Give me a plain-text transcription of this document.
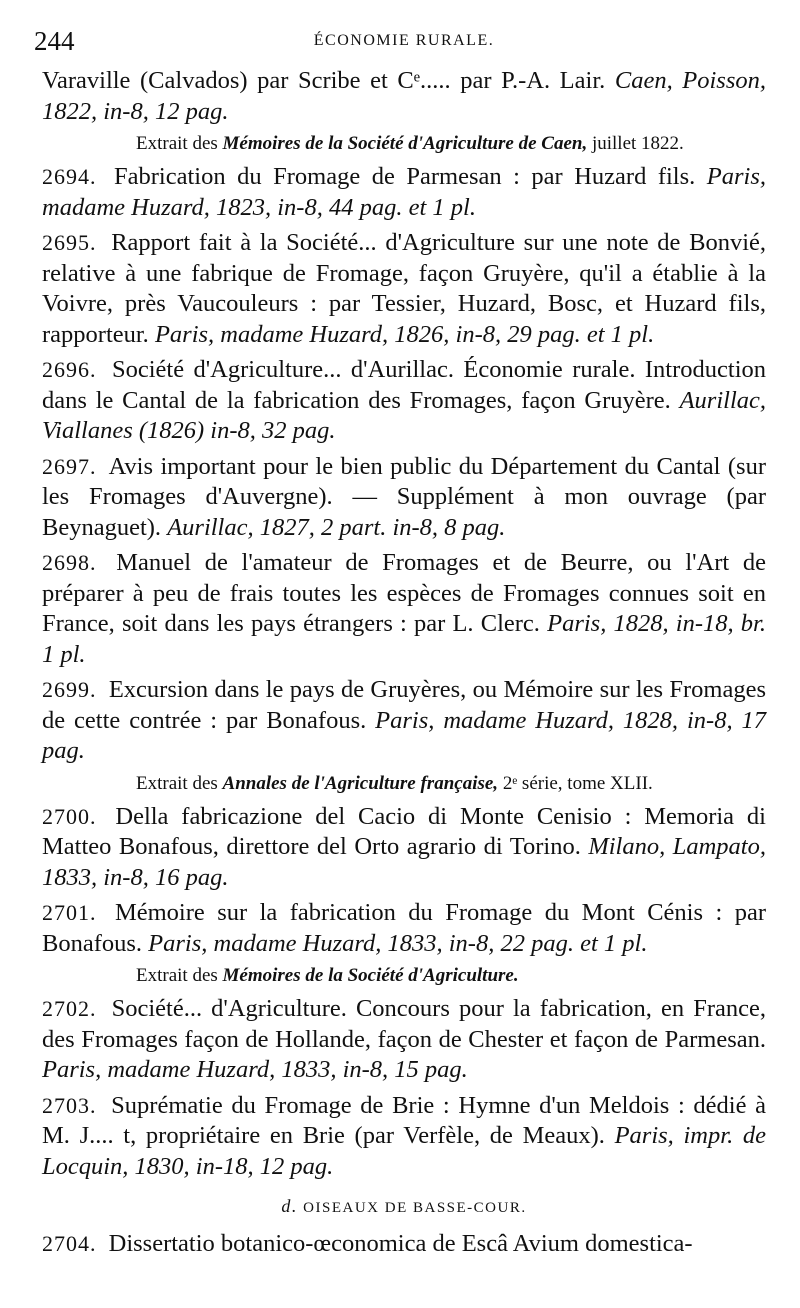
244	ÉCONOMIE RURALE.
Varaville (Calvados) par Scribe et Cᵉ..... par P.-A. Lair. Caen, Poisson, 1822, in-8, 12 pag.
Extrait des Mémoires de la Société d'Agriculture de Caen, juillet 1822.
2694. Fabrication du Fromage de Parmesan : par Huzard fils. Paris, madame Huzard, 1823, in-8, 44 pag. et 1 pl.
2695. Rapport fait à la Société... d'Agriculture sur une note de Bonvié, relative à une fabrique de Fromage, façon Gruyère, qu'il a établie à la Voivre, près Vaucouleurs : par Tessier, Huzard, Bosc, et Huzard fils, rapporteur. Paris, madame Huzard, 1826, in-8, 29 pag. et 1 pl.
2696. Société d'Agriculture... d'Aurillac. Économie rurale. Introduction dans le Cantal de la fabrication des Fromages, façon Gruyère. Aurillac, Viallanes (1826) in-8, 32 pag.
2697. Avis important pour le bien public du Département du Cantal (sur les Fromages d'Auvergne). — Supplément à mon ouvrage (par Beynaguet). Aurillac, 1827, 2 part. in-8, 8 pag.
2698. Manuel de l'amateur de Fromages et de Beurre, ou l'Art de préparer à peu de frais toutes les espèces de Fromages connues soit en France, soit dans les pays étrangers : par L. Clerc. Paris, 1828, in-18, br. 1 pl.
2699. Excursion dans le pays de Gruyères, ou Mémoire sur les Fromages de cette contrée : par Bonafous. Paris, madame Huzard, 1828, in-8, 17 pag.
Extrait des Annales de l'Agriculture française, 2ᵉ série, tome XLII.
2700. Della fabricazione del Cacio di Monte Cenisio : Memoria di Matteo Bonafous, direttore del Orto agrario di Torino. Milano, Lampato, 1833, in-8, 16 pag.
2701. Mémoire sur la fabrication du Fromage du Mont Cénis : par Bonafous. Paris, madame Huzard, 1833, in-8, 22 pag. et 1 pl.
Extrait des Mémoires de la Société d'Agriculture.
2702. Société... d'Agriculture. Concours pour la fabrication, en France, des Fromages façon de Hollande, façon de Chester et façon de Parmesan. Paris, madame Huzard, 1833, in-8, 15 pag.
2703. Suprématie du Fromage de Brie : Hymne d'un Meldois : dédié à M. J.... t, propriétaire en Brie (par Verfèle, de Meaux). Paris, impr. de Locquin, 1830, in-18, 12 pag.
d. OISEAUX DE BASSE-COUR.
2704. Dissertatio botanico-œconomica de Escâ Avium domestica-
